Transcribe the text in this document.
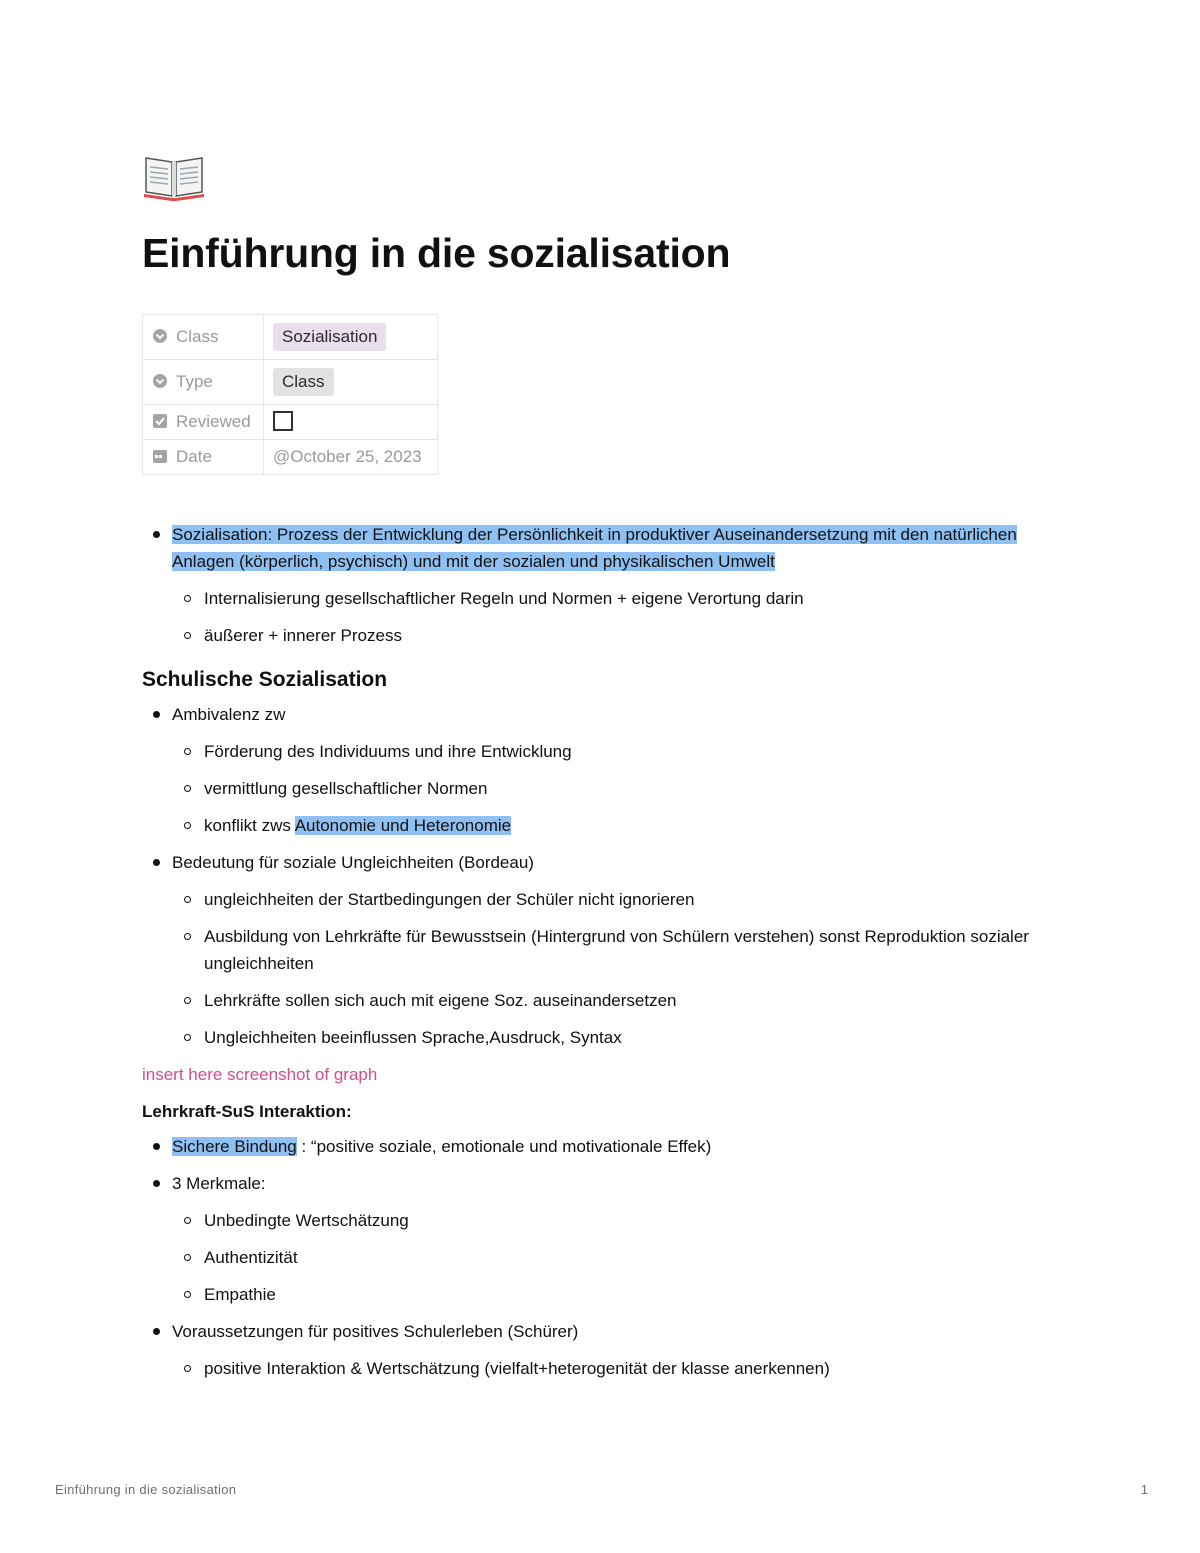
Einführung in die sozialisation
Class	Sozialisation
Type	Class
Reviewed	
Date	@October 25, 2023
Sozialisation: Prozess der Entwicklung der Persönlichkeit in produktiver Auseinandersetzung mit den natürlichen Anlagen (körperlich, psychisch) und mit der sozialen und physikalischen Umwelt
Internalisierung gesellschaftlicher Regeln und Normen + eigene Verortung darin
äußerer + innerer Prozess
Schulische Sozialisation
Ambivalenz zw
Förderung des Individuums und ihre Entwicklung
vermittlung gesellschaftlicher Normen
konflikt zws Autonomie und Heteronomie
Bedeutung für soziale Ungleichheiten (Bordeau)
ungleichheiten der Startbedingungen der Schüler nicht ignorieren
Ausbildung von Lehrkräfte für Bewusstsein (Hintergrund von Schülern verstehen) sonst Reproduktion sozialer ungleichheiten
Lehrkräfte sollen sich auch mit eigene Soz. auseinandersetzen
Ungleichheiten beeinflussen Sprache,Ausdruck, Syntax

insert here screenshot of graph

Lehrkraft-SuS Interaktion:

Sichere Bindung : “positive soziale, emotionale und motivationale Effek)
3 Merkmale:
Unbedingte Wertschätzung
Authentizität
Empathie
Voraussetzungen für positives Schulerleben (Schürer)
positive Interaktion & Wertschätzung (vielfalt+heterogenität der klasse anerkennen)
Einführung in die sozialisation	1
